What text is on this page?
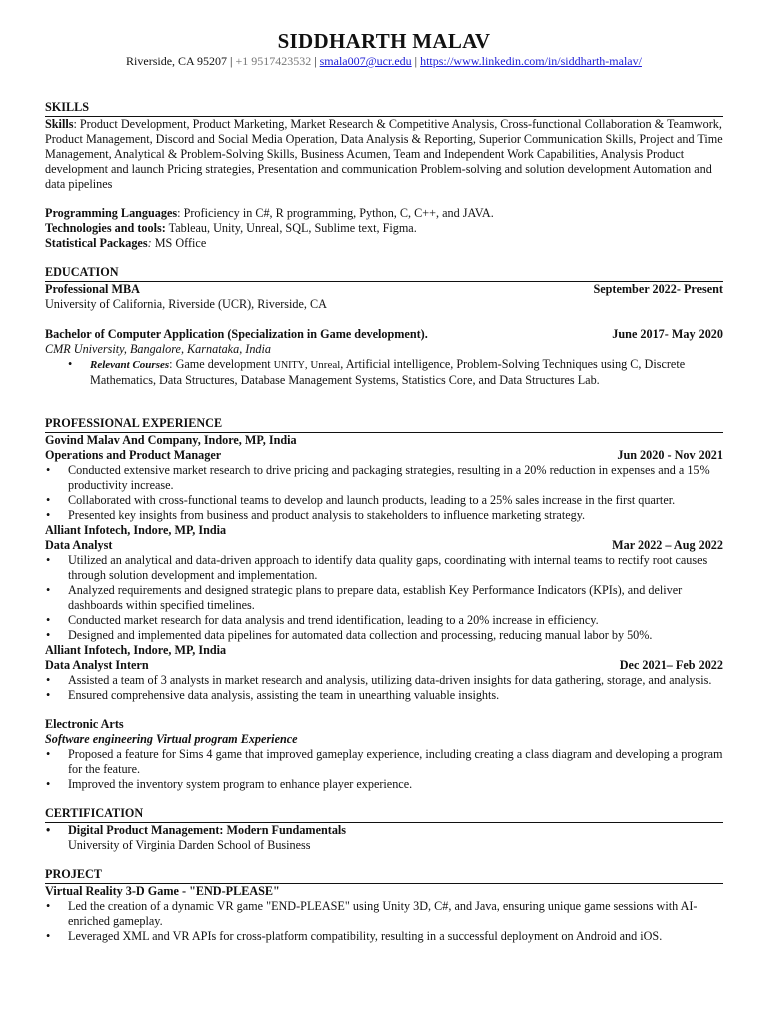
SIDDHARTH MALAV
Riverside, CA 95207 | +1 9517423532 | smala007@ucr.edu | https://www.linkedin.com/in/siddharth-malav/
SKILLS
Skills: Product Development, Product Marketing, Market Research & Competitive Analysis, Cross-functional Collaboration & Teamwork, Product Management, Discord and Social Media Operation, Data Analysis & Reporting, Superior Communication Skills, Project and Time Management, Analytical & Problem-Solving Skills, Business Acumen, Team and Independent Work Capabilities, Analysis Product development and launch Pricing strategies, Presentation and communication Problem-solving and solution development Automation and data pipelines
Programming Languages: Proficiency in C#, R programming, Python, C, C++, and JAVA.
Technologies and tools: Tableau, Unity, Unreal, SQL, Sublime text, Figma.
Statistical Packages: MS Office
EDUCATION
Professional MBA	September 2022- Present
University of California, Riverside (UCR), Riverside, CA
Bachelor of Computer Application (Specialization in Game development).	June 2017- May 2020
CMR University, Bangalore, Karnataka, India
• Relevant Courses: Game development UNITY, Unreal, Artificial intelligence, Problem-Solving Techniques using C, Discrete Mathematics, Data Structures, Database Management Systems, Statistics Core, and Data Structures Lab.
PROFESSIONAL EXPERIENCE
Govind Malav And Company, Indore, MP, India
Operations and Product Manager	Jun 2020 - Nov 2021
• Conducted extensive market research to drive pricing and packaging strategies, resulting in a 20% reduction in expenses and a 15% productivity increase.
• Collaborated with cross-functional teams to develop and launch products, leading to a 25% sales increase in the first quarter.
• Presented key insights from business and product analysis to stakeholders to influence marketing strategy.
Alliant Infotech, Indore, MP, India
Data Analyst	Mar 2022 – Aug 2022
• Utilized an analytical and data-driven approach to identify data quality gaps, coordinating with internal teams to rectify root causes through solution development and implementation.
• Analyzed requirements and designed strategic plans to prepare data, establish Key Performance Indicators (KPIs), and deliver dashboards within specified timelines.
• Conducted market research for data analysis and trend identification, leading to a 20% increase in efficiency.
• Designed and implemented data pipelines for automated data collection and processing, reducing manual labor by 50%.
Alliant Infotech, Indore, MP, India
Data Analyst Intern	Dec 2021– Feb 2022
• Assisted a team of 3 analysts in market research and analysis, utilizing data-driven insights for data gathering, storage, and analysis.
• Ensured comprehensive data analysis, assisting the team in unearthing valuable insights.
Electronic Arts
Software engineering Virtual program Experience
• Proposed a feature for Sims 4 game that improved gameplay experience, including creating a class diagram and developing a program for the feature.
• Improved the inventory system program to enhance player experience.
CERTIFICATION
• Digital Product Management: Modern Fundamentals
University of Virginia Darden School of Business
PROJECT
Virtual Reality 3-D Game - "END-PLEASE"
• Led the creation of a dynamic VR game "END-PLEASE" using Unity 3D, C#, and Java, ensuring unique game sessions with AI-enriched gameplay.
• Leveraged XML and VR APIs for cross-platform compatibility, resulting in a successful deployment on Android and iOS.
